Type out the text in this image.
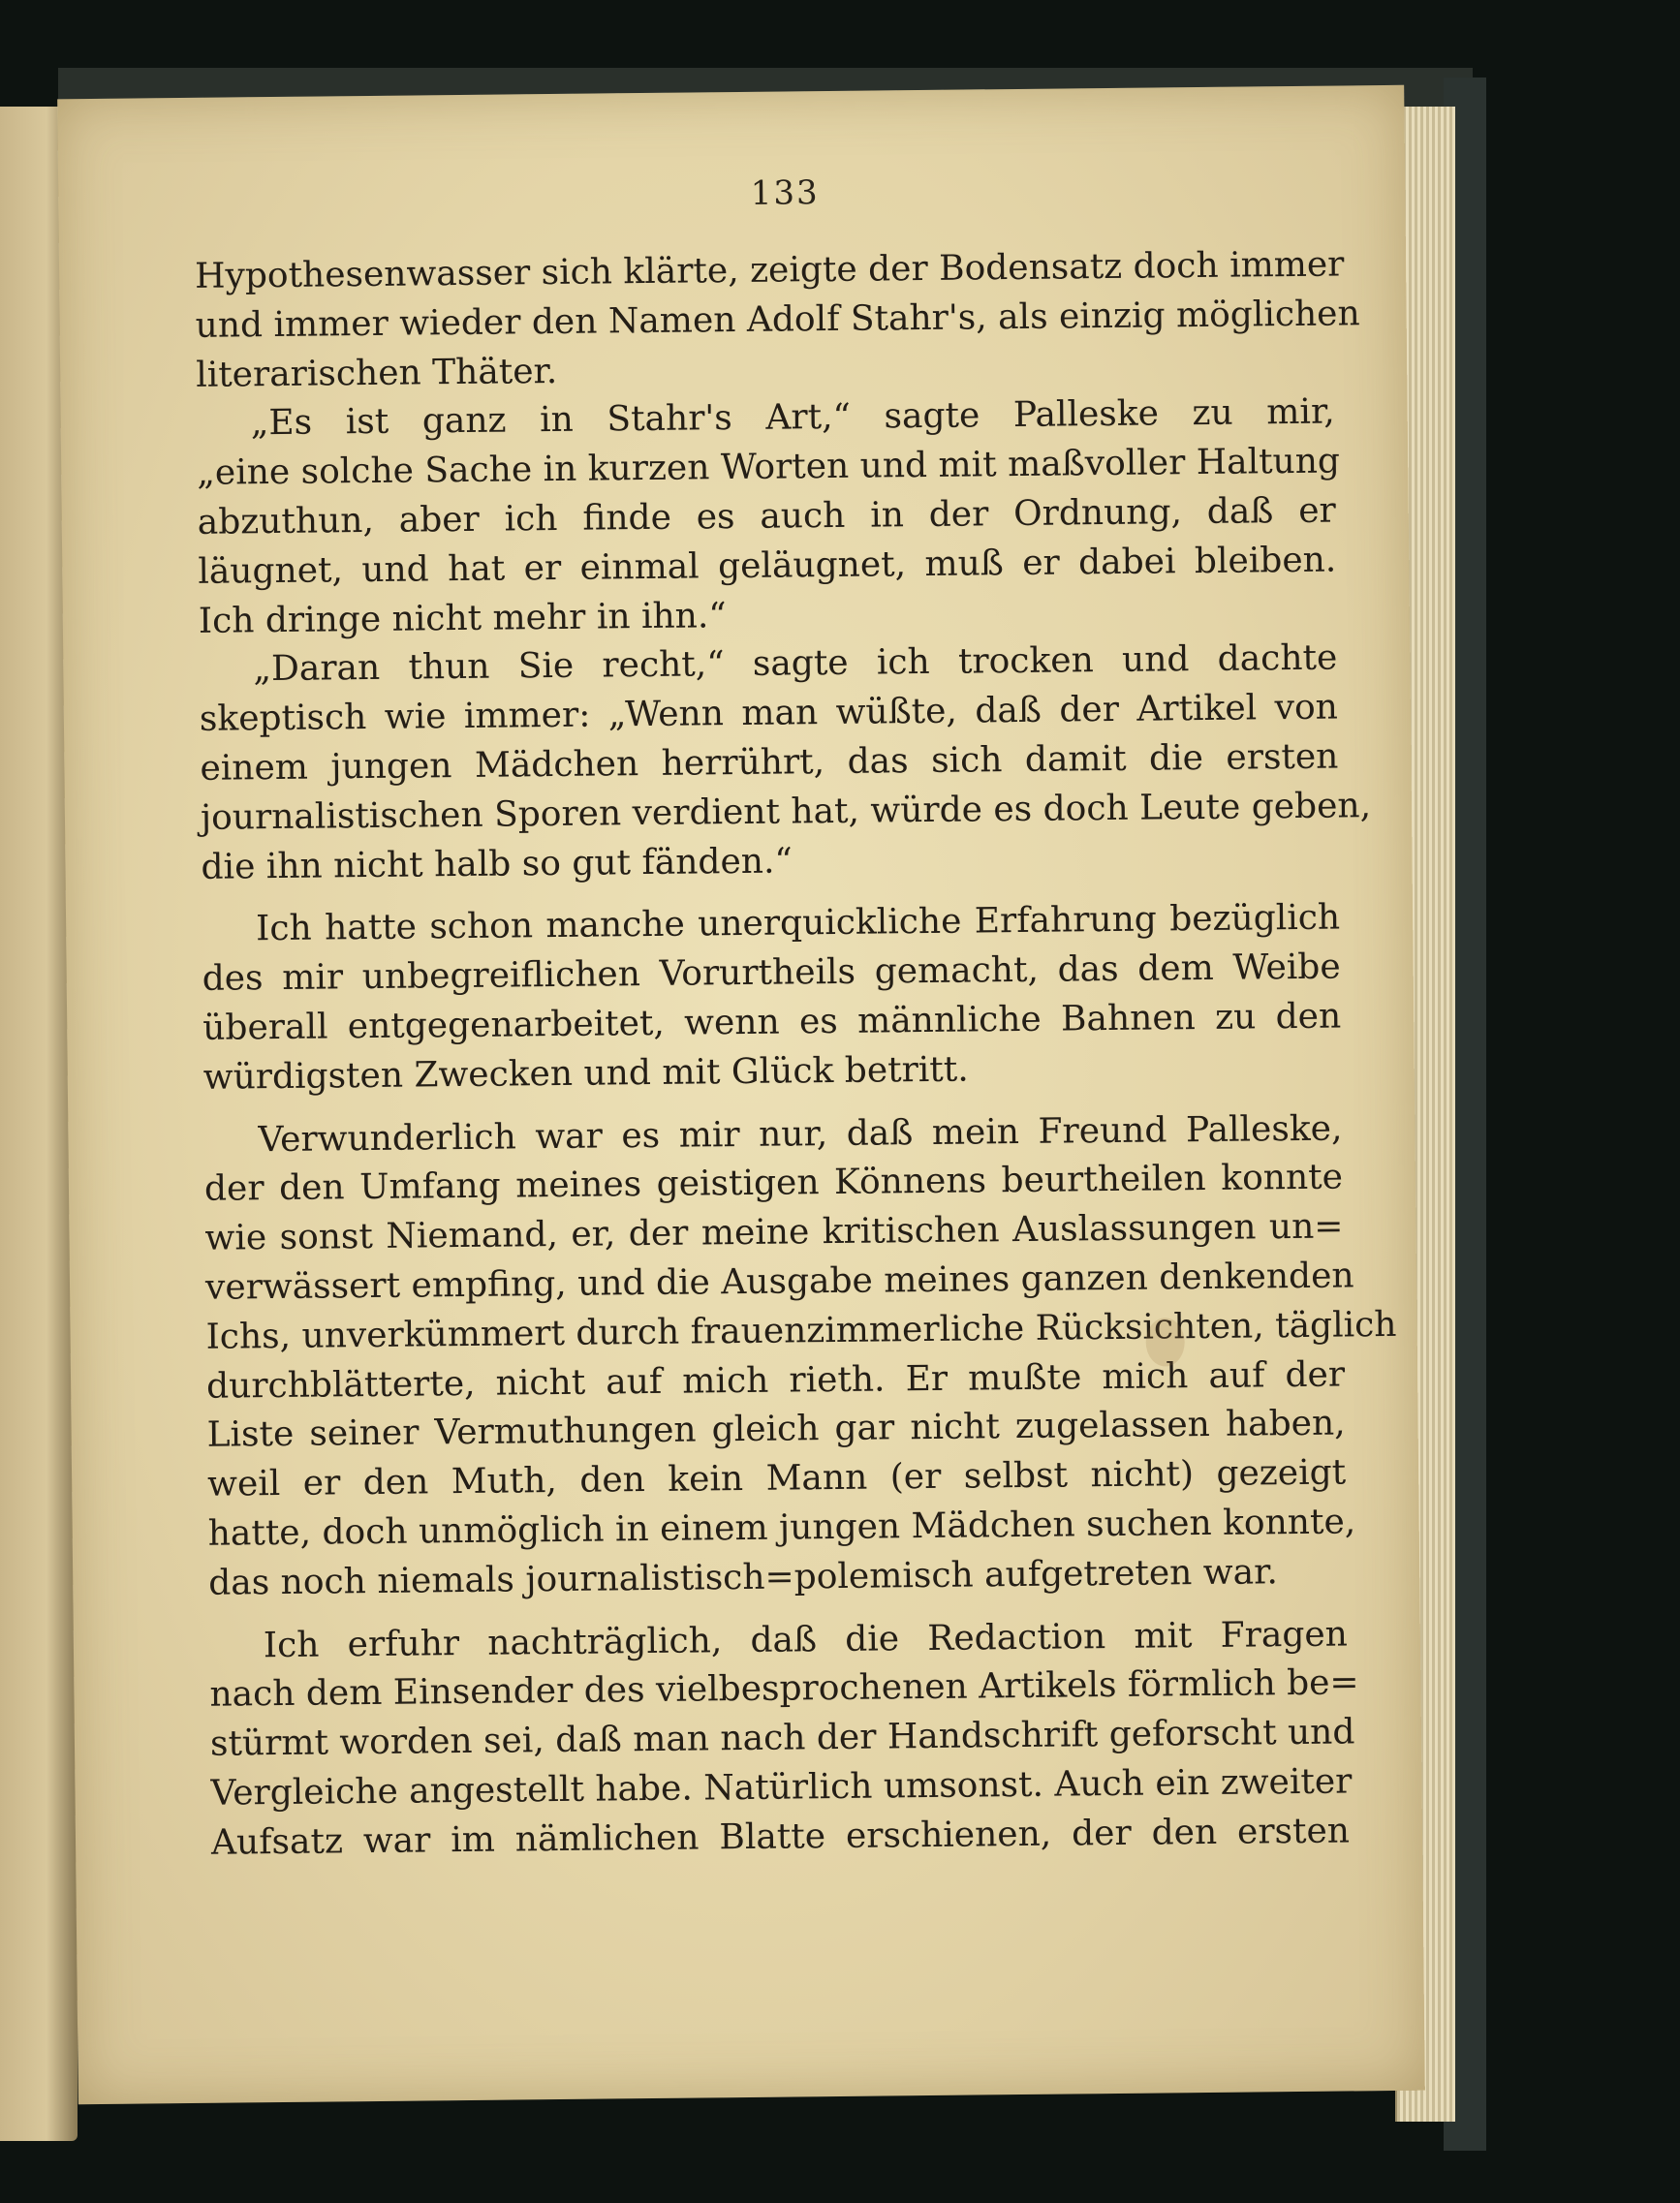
133
Hypothesenwasser sich klärte, zeigte der Bodensatz doch immer
und immer wieder den Namen Adolf Stahr's, als einzig möglichen
literarischen Thäter.
„Es ist ganz in Stahr's Art,“ sagte Palleske zu mir,
„eine solche Sache in kurzen Worten und mit maßvoller Haltung
abzuthun, aber ich finde es auch in der Ordnung, daß er
läugnet, und hat er einmal geläugnet, muß er dabei bleiben.
Ich dringe nicht mehr in ihn.“
„Daran thun Sie recht,“ sagte ich trocken und dachte
skeptisch wie immer: „Wenn man wüßte, daß der Artikel von
einem jungen Mädchen herrührt, das sich damit die ersten
journalistischen Sporen verdient hat, würde es doch Leute geben,
die ihn nicht halb so gut fänden.“
Ich hatte schon manche unerquickliche Erfahrung bezüglich
des mir unbegreiflichen Vorurtheils gemacht, das dem Weibe
überall entgegenarbeitet, wenn es männliche Bahnen zu den
würdigsten Zwecken und mit Glück betritt.
Verwunderlich war es mir nur, daß mein Freund Palleske,
der den Umfang meines geistigen Könnens beurtheilen konnte
wie sonst Niemand, er, der meine kritischen Auslassungen un=
verwässert empfing, und die Ausgabe meines ganzen denkenden
Ichs, unverkümmert durch frauenzimmerliche Rücksichten, täglich
durchblätterte, nicht auf mich rieth. Er mußte mich auf der
Liste seiner Vermuthungen gleich gar nicht zugelassen haben,
weil er den Muth, den kein Mann (er selbst nicht) gezeigt
hatte, doch unmöglich in einem jungen Mädchen suchen konnte,
das noch niemals journalistisch=polemisch aufgetreten war.
Ich erfuhr nachträglich, daß die Redaction mit Fragen
nach dem Einsender des vielbesprochenen Artikels förmlich be=
stürmt worden sei, daß man nach der Handschrift geforscht und
Vergleiche angestellt habe. Natürlich umsonst. Auch ein zweiter
Aufsatz war im nämlichen Blatte erschienen, der den ersten
